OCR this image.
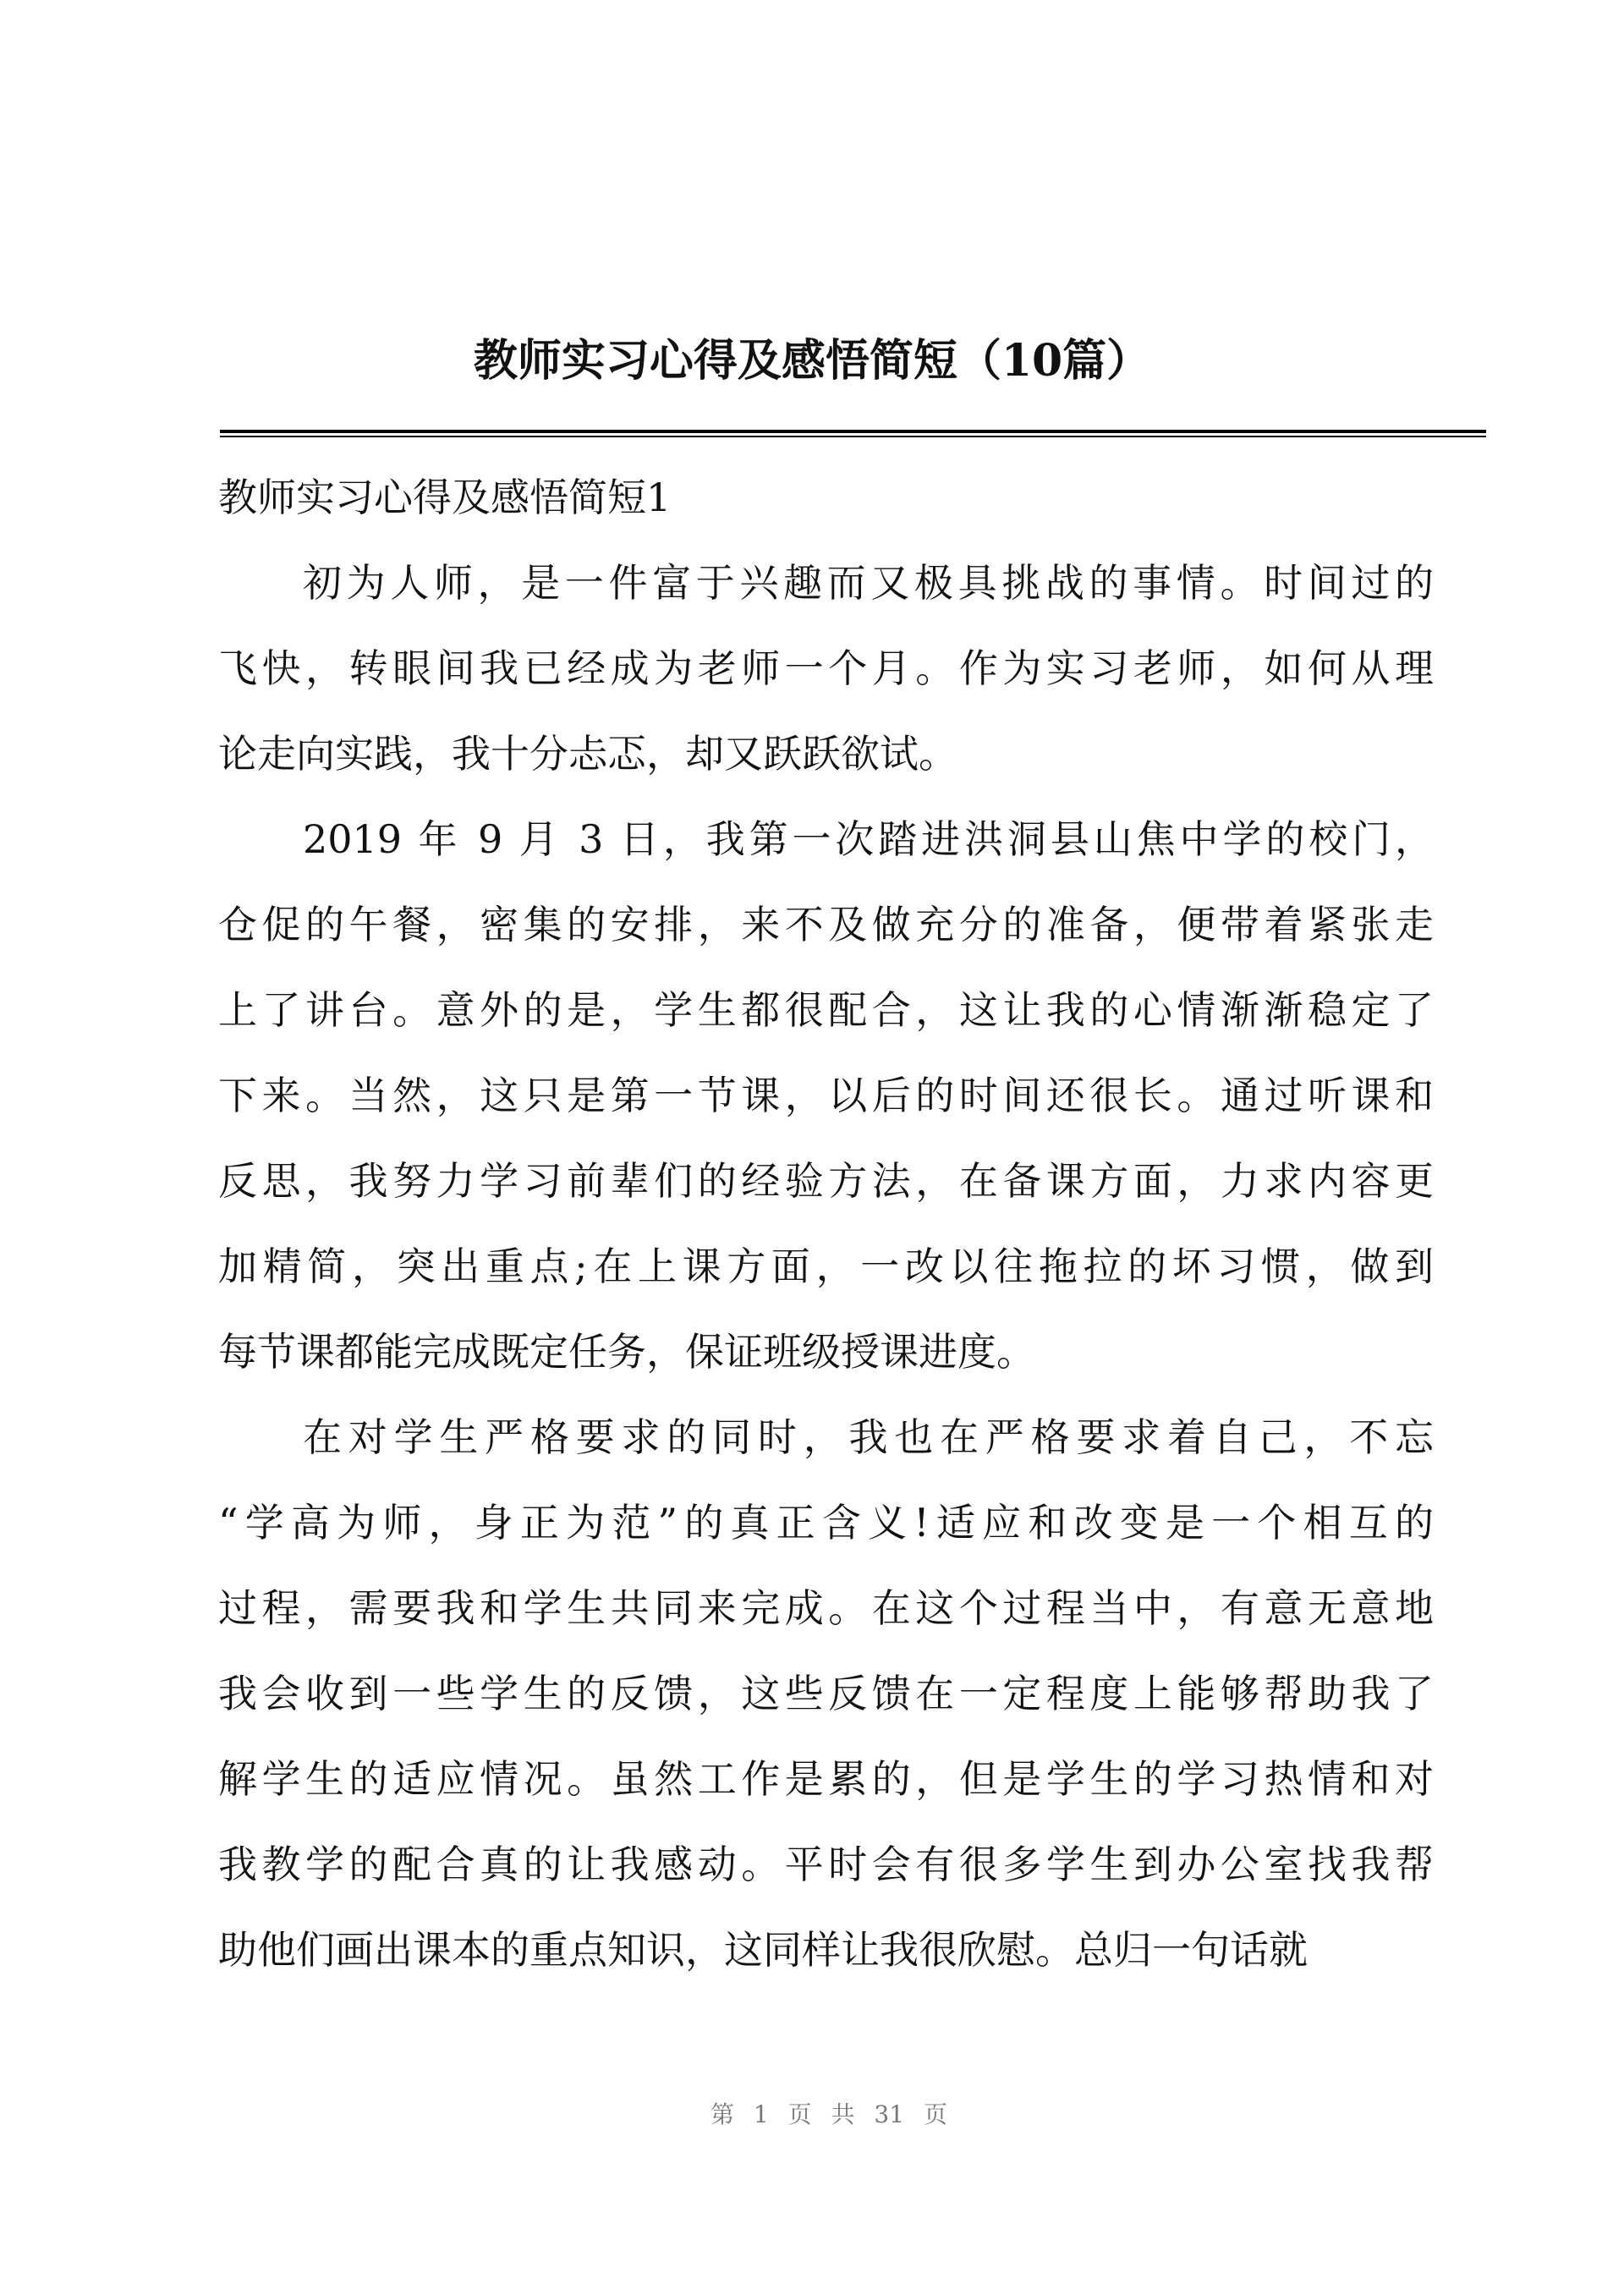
教师实习心得及感悟简短（10篇）
教师实习心得及感悟简短1
初为人师，是一件富于兴趣而又极具挑战的事情。时间过的
飞快，转眼间我已经成为老师一个月。作为实习老师，如何从理
论走向实践，我十分忐忑，却又跃跃欲试。
2019 年 9 月 3 日，我第一次踏进洪洞县山焦中学的校门，
仓促的午餐，密集的安排，来不及做充分的准备，便带着紧张走
上了讲台。意外的是，学生都很配合，这让我的心情渐渐稳定了
下来。当然，这只是第一节课，以后的时间还很长。通过听课和
反思，我努力学习前辈们的经验方法，在备课方面，力求内容更
加精简，突出重点;在上课方面，一改以往拖拉的坏习惯，做到
每节课都能完成既定任务，保证班级授课进度。
在对学生严格要求的同时，我也在严格要求着自己，不忘
“学高为师，身正为范”的真正含义!适应和改变是一个相互的
过程，需要我和学生共同来完成。在这个过程当中，有意无意地
我会收到一些学生的反馈，这些反馈在一定程度上能够帮助我了
解学生的适应情况。虽然工作是累的，但是学生的学习热情和对
我教学的配合真的让我感动。平时会有很多学生到办公室找我帮
助他们画出课本的重点知识，这同样让我很欣慰。总归一句话就
第 1 页 共 31 页
